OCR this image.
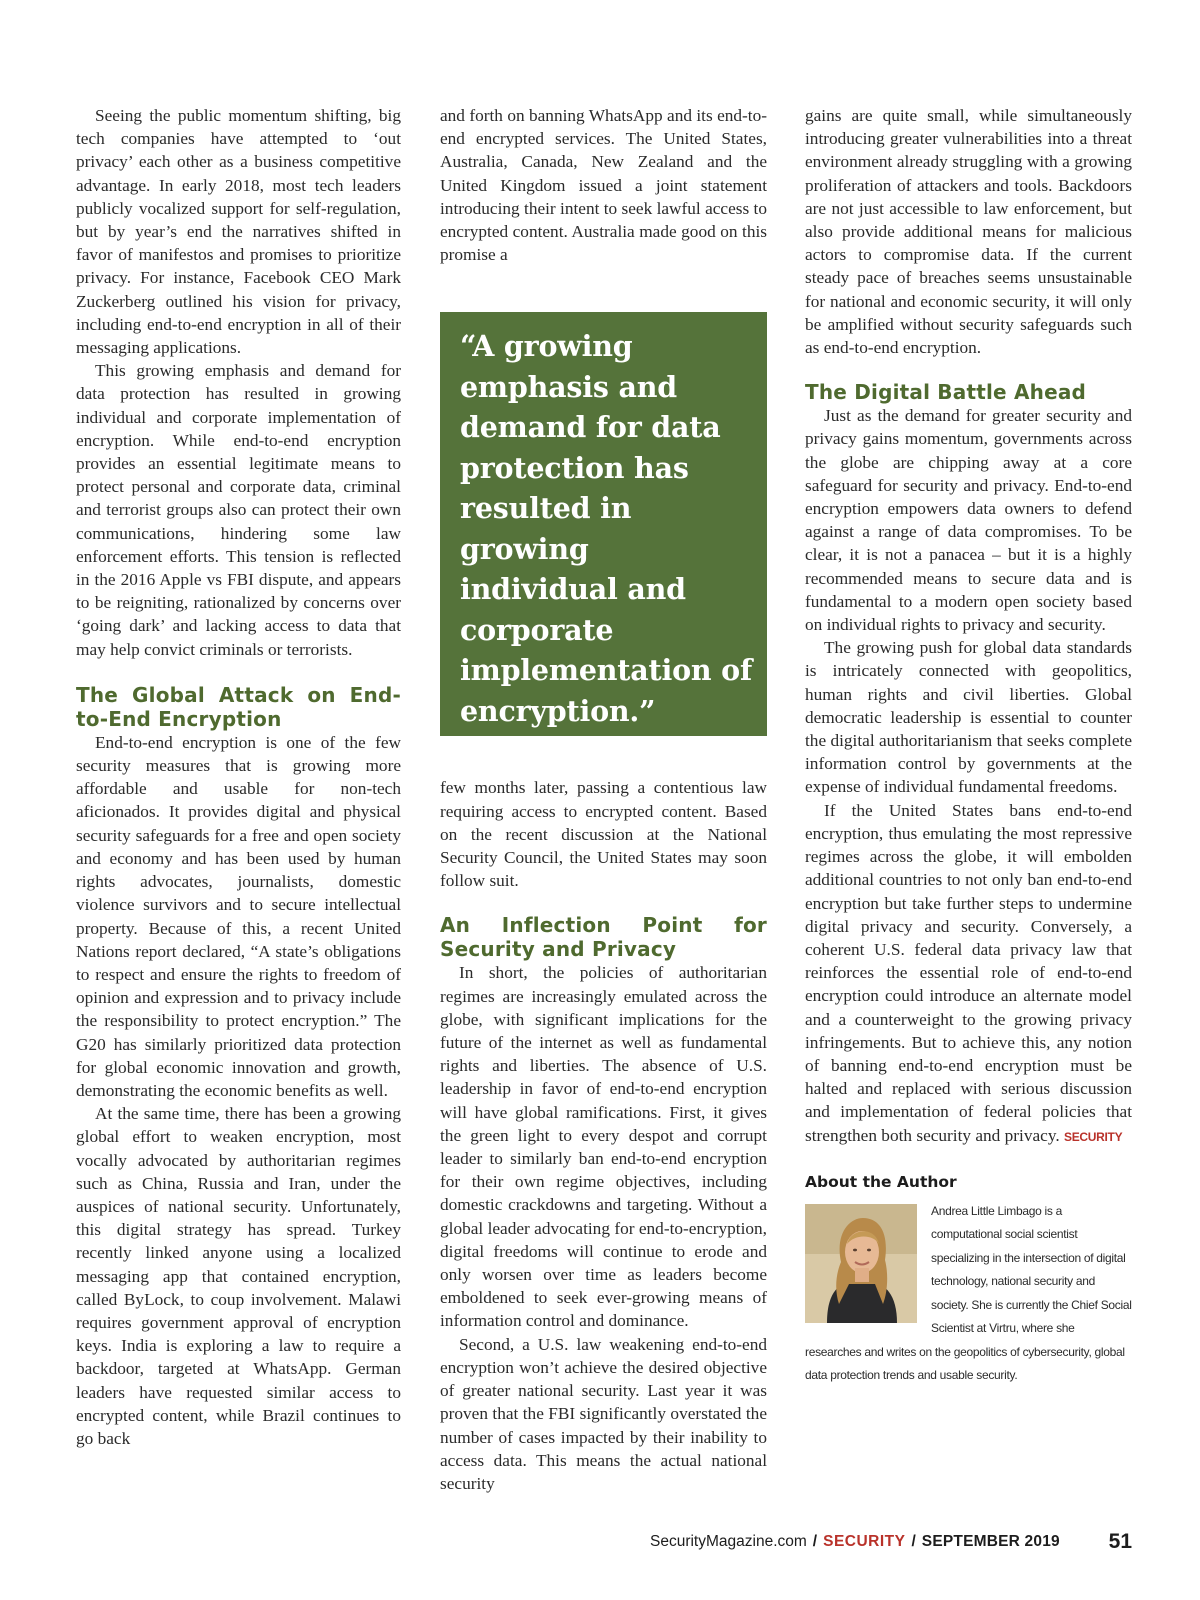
Seeing the public momentum shifting, big tech companies have attempted to ‘out privacy’ each other as a business competitive advantage. In early 2018, most tech leaders publicly vocalized support for self-regulation, but by year’s end the narratives shifted in favor of manifestos and promises to prioritize privacy. For instance, Facebook CEO Mark Zuckerberg outlined his vision for privacy, including end-to-end encryption in all of their messaging applications.

This growing emphasis and demand for data protection has resulted in growing individual and corporate implementation of encryption. While end-to-end encryption provides an essential legitimate means to protect personal and corporate data, criminal and terrorist groups also can protect their own communications, hindering some law enforcement efforts. This tension is reflected in the 2016 Apple vs FBI dispute, and appears to be reigniting, rationalized by concerns over ‘going dark’ and lacking access to data that may help convict criminals or terrorists.

The Global Attack on End-to-End Encryption

End-to-end encryption is one of the few security measures that is growing more affordable and usable for non-tech aficionados. It provides digital and physical security safeguards for a free and open society and economy and has been used by human rights advocates, journalists, domestic violence survivors and to secure intellectual property. Because of this, a recent United Nations report declared, “A state’s obligations to respect and ensure the rights to freedom of opinion and expression and to privacy include the responsibility to protect encryption.” The G20 has similarly prioritized data protection for global economic innovation and growth, demonstrating the economic benefits as well.

At the same time, there has been a growing global effort to weaken encryption, most vocally advocated by authoritarian regimes such as China, Russia and Iran, under the auspices of national security. Unfortunately, this digital strategy has spread. Turkey recently linked anyone using a localized messaging app that contained encryption, called ByLock, to coup involvement. Malawi requires government approval of encryption keys. India is exploring a law to require a backdoor, targeted at WhatsApp. German leaders have requested similar access to encrypted content, while Brazil continues to go back

and forth on banning WhatsApp and its end-to-end encrypted services. The United States, Australia, Canada, New Zealand and the United Kingdom issued a joint statement introducing their intent to seek lawful access to encrypted content. Australia made good on this promise a

“A growing emphasis and demand for data protection has resulted in growing individual and corporate implementation of encryption.”

few months later, passing a contentious law requiring access to encrypted content. Based on the recent discussion at the National Security Council, the United States may soon follow suit.

An Inflection Point for Security and Privacy

In short, the policies of authoritarian regimes are increasingly emulated across the globe, with significant implications for the future of the internet as well as fundamental rights and liberties. The absence of U.S. leadership in favor of end-to-end encryption will have global ramifications. First, it gives the green light to every despot and corrupt leader to similarly ban end-to-end encryption for their own regime objectives, including domestic crackdowns and targeting. Without a global leader advocating for end-to-encryption, digital freedoms will continue to erode and only worsen over time as leaders become emboldened to seek ever-growing means of information control and dominance.

Second, a U.S. law weakening end-to-end encryption won’t achieve the desired objective of greater national security. Last year it was proven that the FBI significantly overstated the number of cases impacted by their inability to access data. This means the actual national security

gains are quite small, while simultaneously introducing greater vulnerabilities into a threat environment already struggling with a growing proliferation of attackers and tools. Backdoors are not just accessible to law enforcement, but also provide additional means for malicious actors to compromise data. If the current steady pace of breaches seems unsustainable for national and economic security, it will only be amplified without security safeguards such as end-to-end encryption.

The Digital Battle Ahead

Just as the demand for greater security and privacy gains momentum, governments across the globe are chipping away at a core safeguard for security and privacy. End-to-end encryption empowers data owners to defend against a range of data compromises. To be clear, it is not a panacea – but it is a highly recommended means to secure data and is fundamental to a modern open society based on individual rights to privacy and security.

The growing push for global data standards is intricately connected with geopolitics, human rights and civil liberties. Global democratic leadership is essential to counter the digital authoritarianism that seeks complete information control by governments at the expense of individual fundamental freedoms.

If the United States bans end-to-end encryption, thus emulating the most repressive regimes across the globe, it will embolden additional countries to not only ban end-to-end encryption but take further steps to undermine digital privacy and security. Conversely, a coherent U.S. federal data privacy law that reinforces the essential role of end-to-end encryption could introduce an alternate model and a counterweight to the growing privacy infringements. But to achieve this, any notion of banning end-to-end encryption must be halted and replaced with serious discussion and implementation of federal policies that strengthen both security and privacy. SECURITY

About the Author
Andrea Little Limbago is a computational social scientist specializing in the intersection of digital technology, national security and society. She is currently the Chief Social Scientist at Virtru, where she researches and writes on the geopolitics of cybersecurity, global data protection trends and usable security.
SecurityMagazine.com / SECURITY / SEPTEMBER 2019 51
